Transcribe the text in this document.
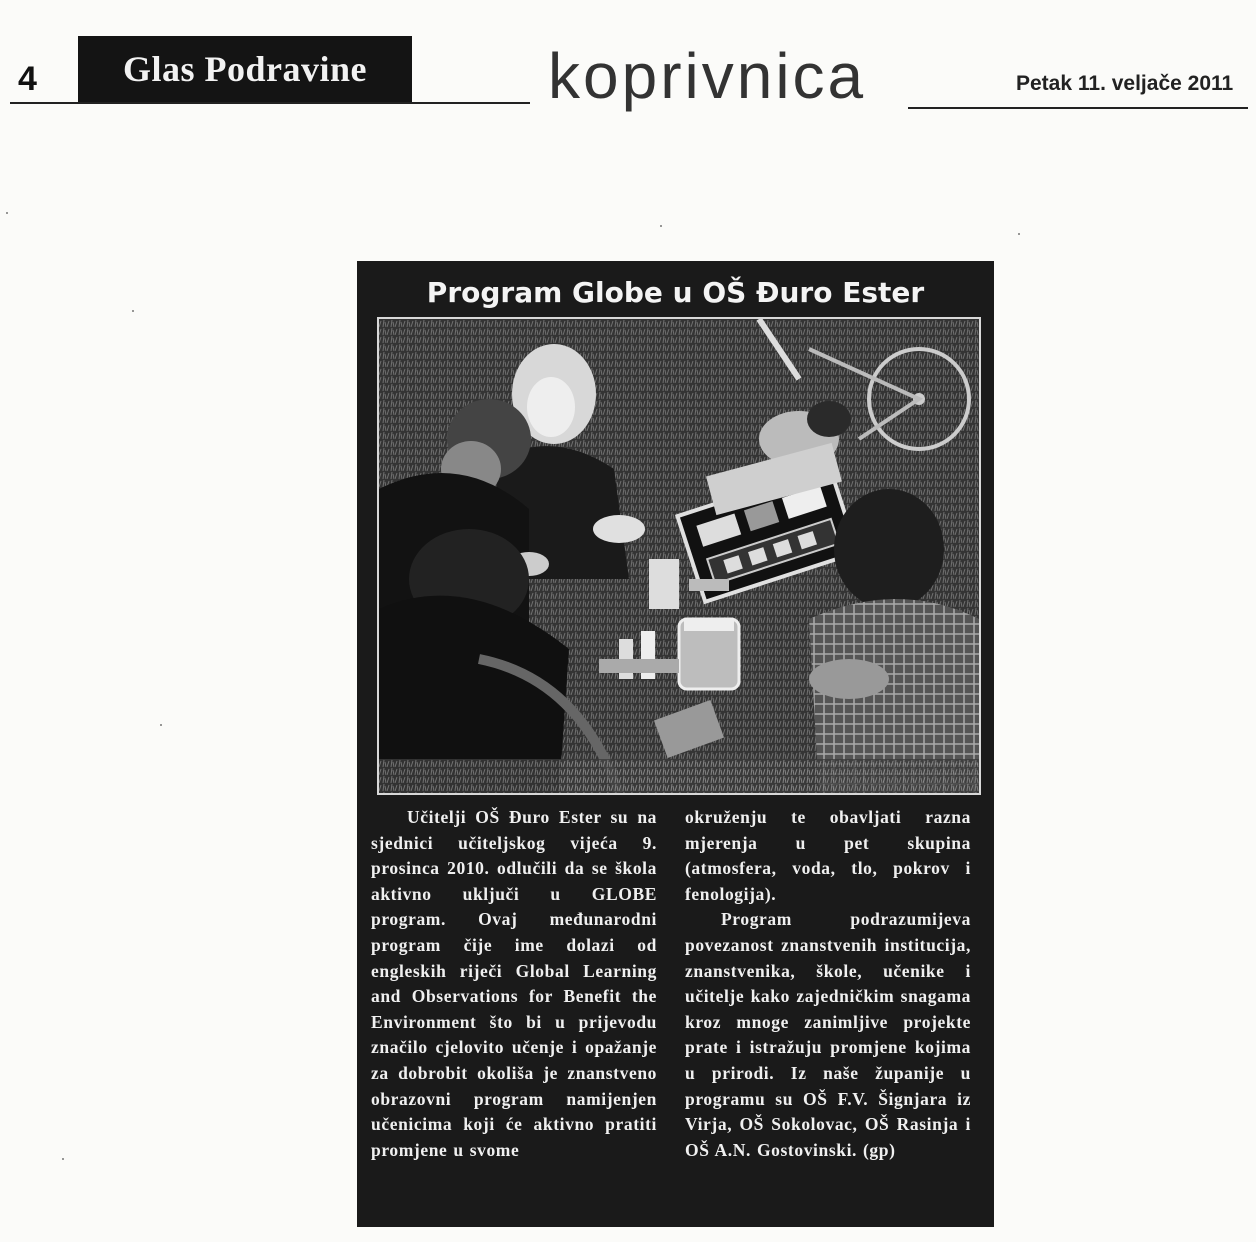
4	Glas Podravine	koprivnica	Petak 11. veljače 2011
Program Globe u OŠ Đuro Ester

Učitelji OŠ Đuro Ester su na sjednici učiteljskog vijeća 9. prosinca 2010. odlučili da se škola aktivno uključi u GLOBE program. Ovaj međunarodni program čije ime dolazi od engleskih riječi Global Learning and Observations for Benefit the Environment što bi u prijevodu značilo cjelovito učenje i opažanje za dobrobit okoliša je znanstveno obrazovni program namijenjen učenicima koji će aktivno pratiti promjene u svome

okruženju te obavljati razna mjerenja u pet skupina (atmosfera, voda, tlo, pokrov i fenologija).

Program podrazumijeva povezanost znanstvenih institucija, znanstvenika, škole, učenike i učitelje kako zajedničkim snagama kroz mnoge zanimljive projekte prate i istražuju promjene kojima u prirodi. Iz naše županije u programu su OŠ F.V. Šignjara iz Virja, OŠ Sokolovac, OŠ Rasinja i OŠ A.N. Gostovinski. (gp)
